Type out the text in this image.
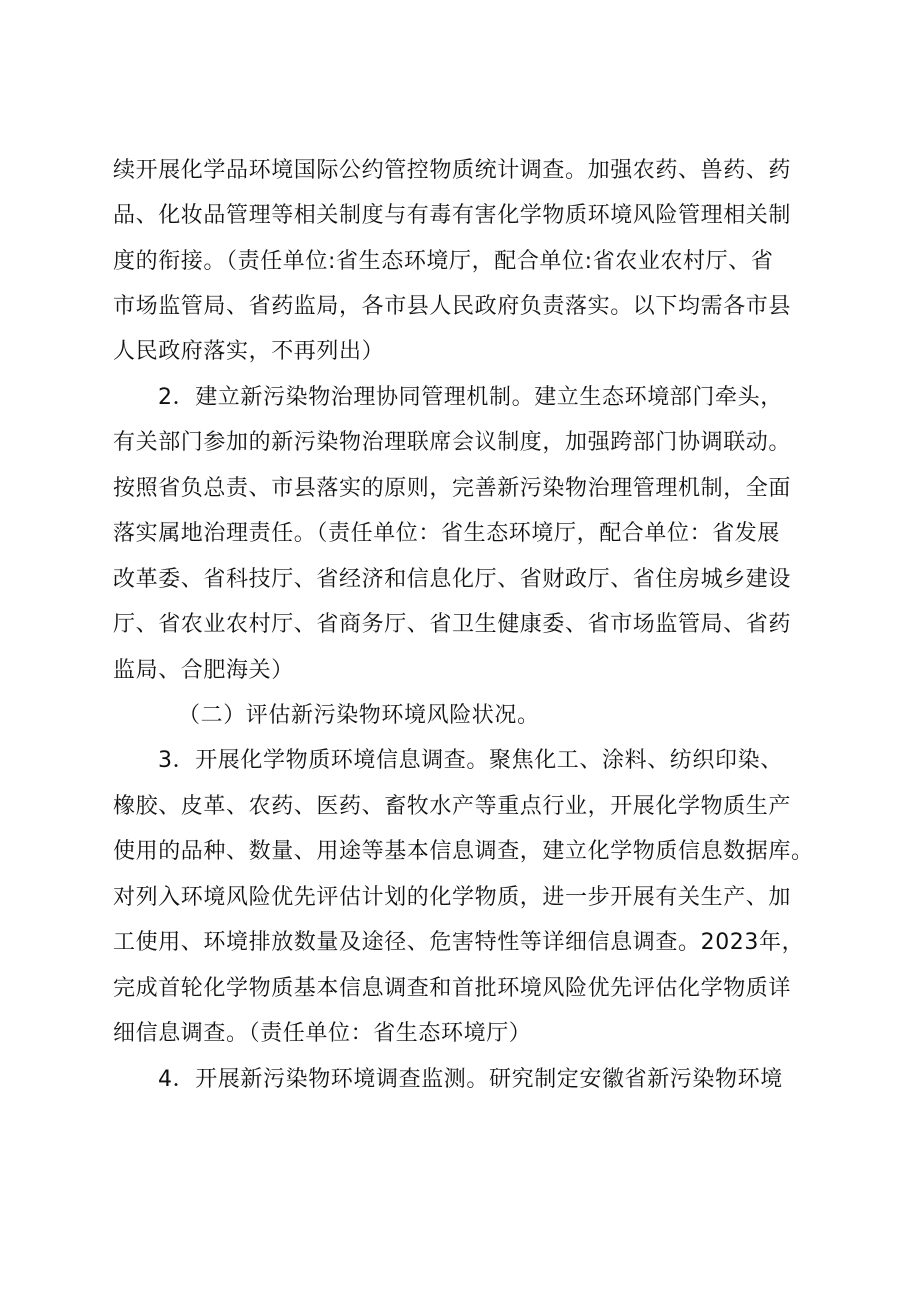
续开展化学品环境国际公约管控物质统计调查。加强农药、兽药、药
品、化妆品管理等相关制度与有毒有害化学物质环境风险管理相关制
度的衔接。（责任单位:省生态环境厅，配合单位:省农业农村厅、省
市场监管局、省药监局，各市县人民政府负责落实。以下均需各市县
人民政府落实，不再列出）
2．建立新污染物治理协同管理机制。建立生态环境部门牵头，
有关部门参加的新污染物治理联席会议制度，加强跨部门协调联动。
按照省负总责、市县落实的原则，完善新污染物治理管理机制，全面
落实属地治理责任。（责任单位：省生态环境厅，配合单位：省发展
改革委、省科技厅、省经济和信息化厅、省财政厅、省住房城乡建设
厅、省农业农村厅、省商务厅、省卫生健康委、省市场监管局、省药
监局、合肥海关）
（二）评估新污染物环境风险状况。
3．开展化学物质环境信息调查。聚焦化工、涂料、纺织印染、
橡胶、皮革、农药、医药、畜牧水产等重点行业，开展化学物质生产
使用的品种、数量、用途等基本信息调查，建立化学物质信息数据库。
对列入环境风险优先评估计划的化学物质，进一步开展有关生产、加
工使用、环境排放数量及途径、危害特性等详细信息调查。2023年，
完成首轮化学物质基本信息调查和首批环境风险优先评估化学物质详
细信息调查。（责任单位：省生态环境厅）
4．开展新污染物环境调查监测。研究制定安徽省新污染物环境
